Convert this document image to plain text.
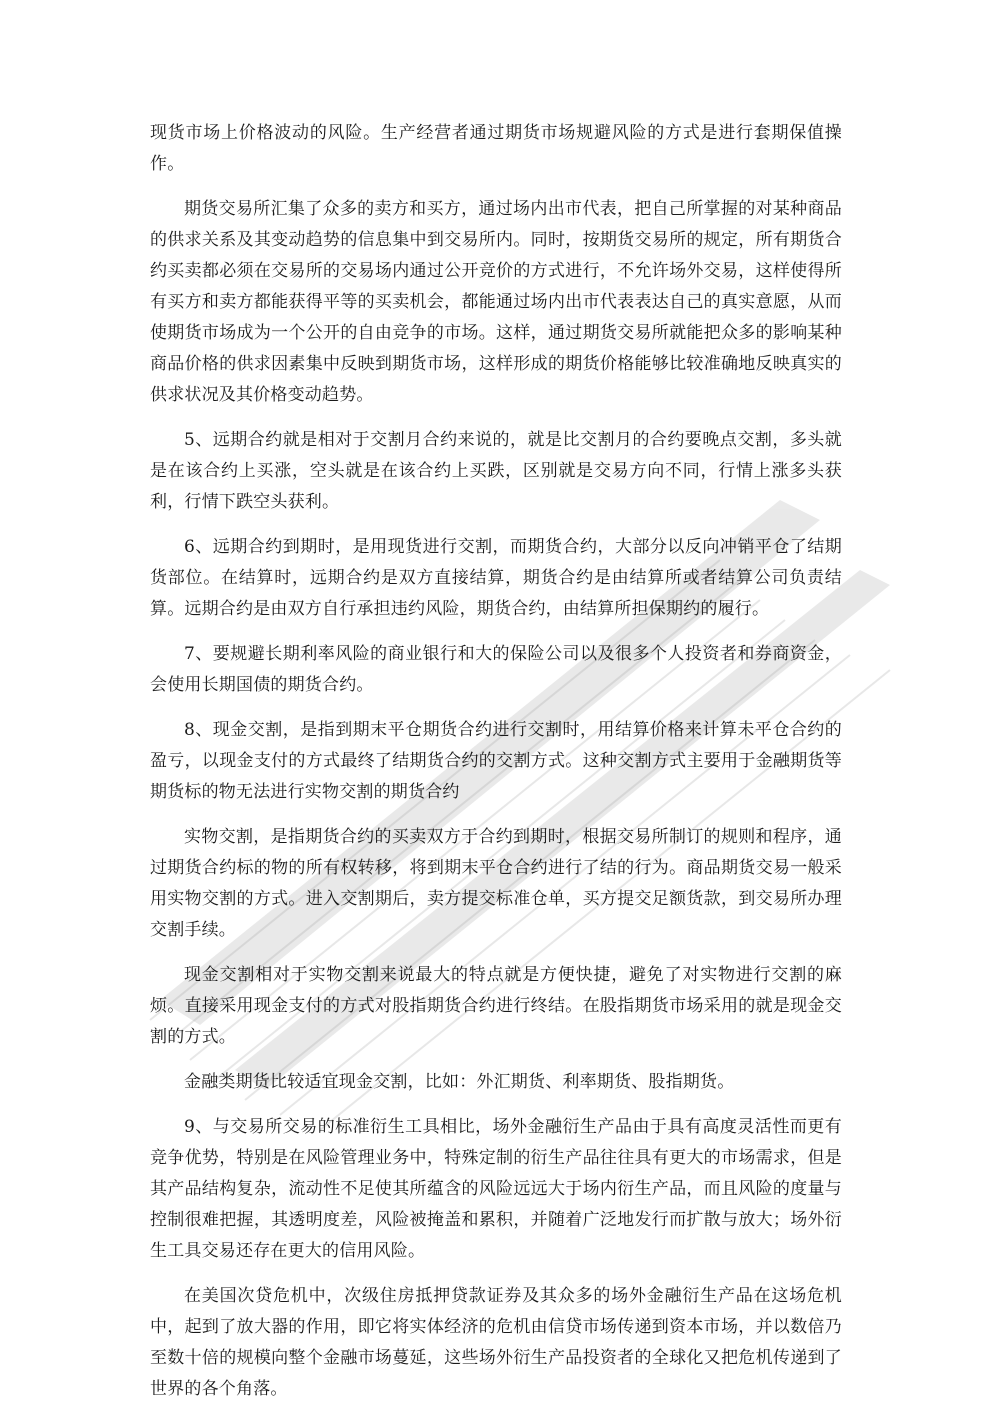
现货市场上价格波动的风险。生产经营者通过期货市场规避风险的方式是进行套期保值操作。

期货交易所汇集了众多的卖方和买方，通过场内出市代表，把自己所掌握的对某种商品的供求关系及其变动趋势的信息集中到交易所内。同时，按期货交易所的规定，所有期货合约买卖都必须在交易所的交易场内通过公开竞价的方式进行，不允许场外交易，这样使得所有买方和卖方都能获得平等的买卖机会，都能通过场内出市代表表达自己的真实意愿，从而使期货市场成为一个公开的自由竞争的市场。这样，通过期货交易所就能把众多的影响某种商品价格的供求因素集中反映到期货市场，这样形成的期货价格能够比较准确地反映真实的供求状况及其价格变动趋势。

5、远期合约就是相对于交割月合约来说的，就是比交割月的合约要晚点交割，多头就是在该合约上买涨，空头就是在该合约上买跌，区别就是交易方向不同，行情上涨多头获利，行情下跌空头获利。

6、远期合约到期时，是用现货进行交割，而期货合约，大部分以反向冲销平仓了结期货部位。在结算时，远期合约是双方直接结算，期货合约是由结算所或者结算公司负责结算。远期合约是由双方自行承担违约风险，期货合约，由结算所担保期约的履行。

7、要规避长期利率风险的商业银行和大的保险公司以及很多个人投资者和券商资金，会使用长期国债的期货合约。

8、现金交割，是指到期末平仓期货合约进行交割时，用结算价格来计算未平仓合约的盈亏，以现金支付的方式最终了结期货合约的交割方式。这种交割方式主要用于金融期货等期货标的物无法进行实物交割的期货合约

实物交割，是指期货合约的买卖双方于合约到期时，根据交易所制订的规则和程序，通过期货合约标的物的所有权转移，将到期末平仓合约进行了结的行为。商品期货交易一般采用实物交割的方式。进入交割期后，卖方提交标准仓单，买方提交足额货款，到交易所办理交割手续。

现金交割相对于实物交割来说最大的特点就是方便快捷，避免了对实物进行交割的麻烦。直接采用现金支付的方式对股指期货合约进行终结。在股指期货市场采用的就是现金交割的方式。

金融类期货比较适宜现金交割，比如：外汇期货、利率期货、股指期货。

9、与交易所交易的标准衍生工具相比，场外金融衍生产品由于具有高度灵活性而更有竞争优势，特别是在风险管理业务中，特殊定制的衍生产品往往具有更大的市场需求，但是其产品结构复杂，流动性不足使其所蕴含的风险远远大于场内衍生产品，而且风险的度量与控制很难把握，其透明度差，风险被掩盖和累积，并随着广泛地发行而扩散与放大；场外衍生工具交易还存在更大的信用风险。

在美国次贷危机中，次级住房抵押贷款证券及其众多的场外金融衍生产品在这场危机中，起到了放大器的作用，即它将实体经济的危机由信贷市场传递到资本市场，并以数倍乃至数十倍的规模向整个金融市场蔓延，这些场外衍生产品投资者的全球化又把危机传递到了世界的各个角落。
